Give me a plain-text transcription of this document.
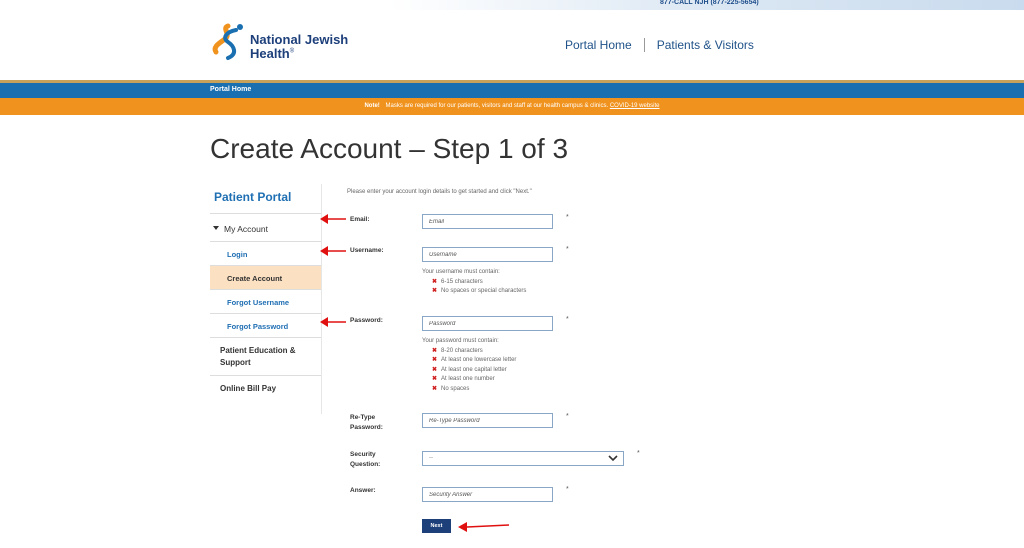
877-CALL NJH (877-225-5654)
National Jewish
Health®	Portal Home Patients & Visitors
Portal Home
Note! Masks are required for our patients, visitors and staff at our health campus & clinics. COVID-19 website
Create Account – Step 1 of 3
Patient Portal
My Account
Login
Create Account
Forgot Username
Forgot Password
Patient Education & Support
Online Bill Pay
Please enter your account login details to get started and click "Next."
Email:
Email	*
Username:
Username	*
Your username must contain:
✖ 6-15 characters
✖ No spaces or special characters
Password:
Password	*
Your password must contain:
✖ 8-20 characters
✖ At least one lowercase letter
✖ At least one capital letter
✖ At least one number
✖ No spaces
Re-Type
Password:
Re-Type Password
*
Security
Question:
--
*
Answer:
Security Answer	*
Next
